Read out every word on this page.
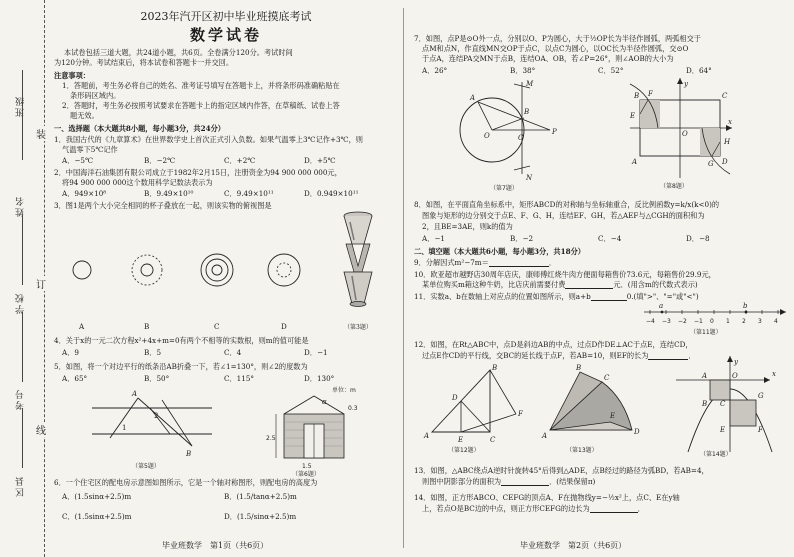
班级
姓名
学校
考号
区县
装
订
线
2023年汽开区初中毕业班摸底考试
数学试卷
本试卷包括三道大题，共24道小题，共6页。全卷满分120分。考试时间
为120分钟。考试结束后，将本试卷和答题卡一并交回。
注意事项：
1．答题前，考生务必将自己的姓名、准考证号填写在答题卡上，并将条形码准确粘贴在
条形码区域内。
2．答题时，考生务必按照考试要求在答题卡上的指定区域内作答，在草稿纸、试卷上答
题无效。
一、选择题（本大题共8小题，每小题3分，共24分）
1．我国古代的《九章算术》在世界数学史上首次正式引入负数。如果气温零上3℃记作+3℃，则
气温零下5℃记作
A．−5℃	B．−2℃	C．+2℃	D．+5℃
2．中国海洋石油集团有限公司成立于1982年2月15日，注册资金为94 900 000 000元，
将94 900 000 000这个数用科学记数法表示为
A．949×10⁸	B．9.49×10¹⁰	C．9.49×10¹¹	D．0.949×10¹¹
3．图1是两个大小完全相同的杯子叠放在一起，则该实物的俯视图是
A	B	C	D	（第3题）
4．关于x的一元二次方程x²+4x+m=0有两个不相等的实数根，则m的值可能是
A．9	B．5	C．4	D．−1
5．如图，将一个对边平行的纸条沿AB折叠一下，若∠1=130°，则∠2的度数为
A．65°	B．50°	C．115°	D．130°
A
B
1
2
（第5题）
单位：m
2.5
0.3
1.5
α
（第6题）
6．一个住宅区的配电房示意图如图所示，它是一个轴对称图形，则配电房的高度为
A．(1.5sinα+2.5)m	B．(1.5/tanα+2.5)m
C．(1.5sinα+2.5)m	D．(1.5/sinα+2.5)m
毕业班数学　第1页（共6页）
7．如图，点P是⊙O外一点，分别以O、P为圆心，大于½OP长为半径作圆弧，两弧相交于
点M和点N，作直线MN交OP于点C，以点C为圆心，以OC长为半径作圆弧，交⊙O
于点A，连结PA交MN于点B，连结OA、OB，若∠P=26°，则∠AOB的大小为
A．26°	B．38°	C．52°	D．64°
A
B
O	C
P
M
N
（第7题）
B
A
C
D
E
F
G
H
O
x
y
（第8题）
8．如图，在平面直角坐标系中，矩形ABCD的对称轴与坐标轴重合，反比例函数y=k/x(k<0)的
图象与矩形的边分别交于点E、F、G、H，连结EF、GH，若△AEF与△CGH的面积和为
2，且BE=3AE，则k的值为
A．−1	B．−2	C．−4	D．−8
二、填空题（本大题共6小题，每小题3分，共18分）
9．分解因式m²−7m＝	．
10．欧亚超市越野店30周年店庆，康师傅红烧牛肉方便面每箱售价73.6元，每箱售价29.9元，
某单位购买m箱这种牛奶，比店庆前需要付费	元．(用含m的代数式表示)
11．实数a、b在数轴上对应点的位置如图所示，则a+b	0.(填">"、"="或"<")
−4 −3 −2 −1 0 1 2 3 4
a	b
（第11题）
12．如图，在Rt△ABC中，点D是斜边AB的中点，过点D作DE⊥AC于点E，连结CD，
过点E作CD的平行线，交BC的延长线于点F，若AB=10，则EF的长为	．
A
B
C
D
E
F
（第12题）
A
B
C
D
E
（第13题）
A	O
B C
E	F
G
x
y
（第14题）
13．如图，△ABC绕点A逆时针旋转45°后得到△ADE，点B经过的路径为弧BD，若AB=4，
则图中阴影部分的面积为	．(结果保留π)
14．如图，正方形ABCO、CEFG的顶点A、F在抛物线y=−½x²上，点C、E在y轴
上，若点O是BC边的中点，则正方形CEFG的边长为	．
毕业班数学　第2页（共6页）
